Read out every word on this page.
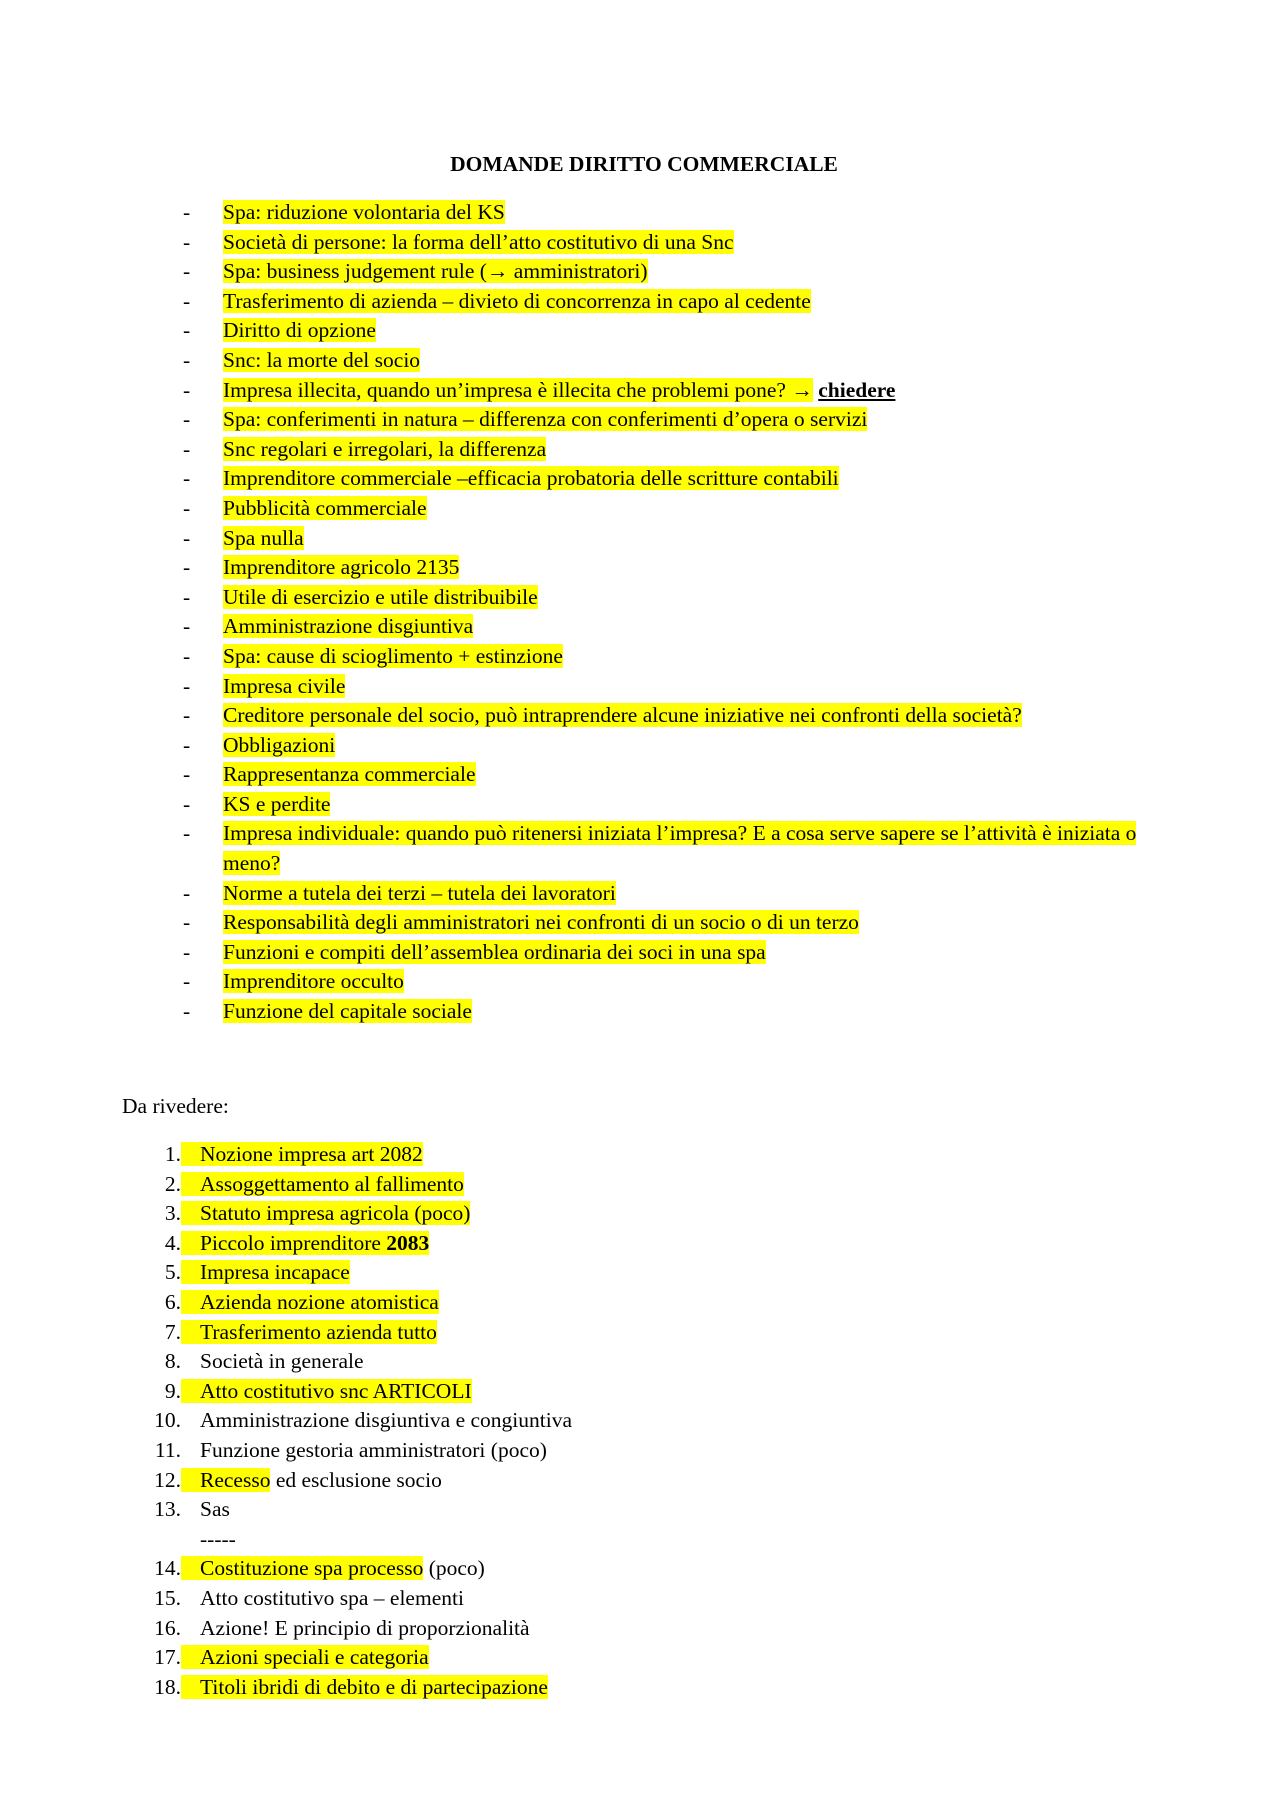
DOMANDE DIRITTO COMMERCIALE
- Spa: riduzione volontaria del KS
- Società di persone: la forma dell’atto costitutivo di una Snc
- Spa: business judgement rule (→ amministratori)
- Trasferimento di azienda – divieto di concorrenza in capo al cedente
- Diritto di opzione
- Snc: la morte del socio
- Impresa illecita, quando un’impresa è illecita che problemi pone? → chiedere
- Spa: conferimenti in natura – differenza con conferimenti d’opera o servizi
- Snc regolari e irregolari, la differenza
- Imprenditore commerciale –efficacia probatoria delle scritture contabili
- Pubblicità commerciale
- Spa nulla
- Imprenditore agricolo 2135
- Utile di esercizio e utile distribuibile
- Amministrazione disgiuntiva
- Spa: cause di scioglimento + estinzione
- Impresa civile
- Creditore personale del socio, può intraprendere alcune iniziative nei confronti della società?
- Obbligazioni
- Rappresentanza commerciale
- KS e perdite
- Impresa individuale: quando può ritenersi iniziata l’impresa? E a cosa serve sapere se l’attività è iniziata o meno?
- Norme a tutela dei terzi – tutela dei lavoratori
- Responsabilità degli amministratori nei confronti di un socio o di un terzo
- Funzioni e compiti dell’assemblea ordinaria dei soci in una spa
- Imprenditore occulto
- Funzione del capitale sociale
Da rivedere:
1. Nozione impresa art 2082
2. Assoggettamento al fallimento
3. Statuto impresa agricola (poco)
4. Piccolo imprenditore 2083
5. Impresa incapace
6. Azienda nozione atomistica
7. Trasferimento azienda tutto
8. Società in generale
9. Atto costitutivo snc ARTICOLI
10. Amministrazione disgiuntiva e congiuntiva
11. Funzione gestoria amministratori (poco)
12. Recesso ed esclusione socio
13. Sas
-----
14. Costituzione spa processo (poco)
15. Atto costitutivo spa – elementi
16. Azione! E principio di proporzionalità
17. Azioni speciali e categoria
18. Titoli ibridi di debito e di partecipazione
